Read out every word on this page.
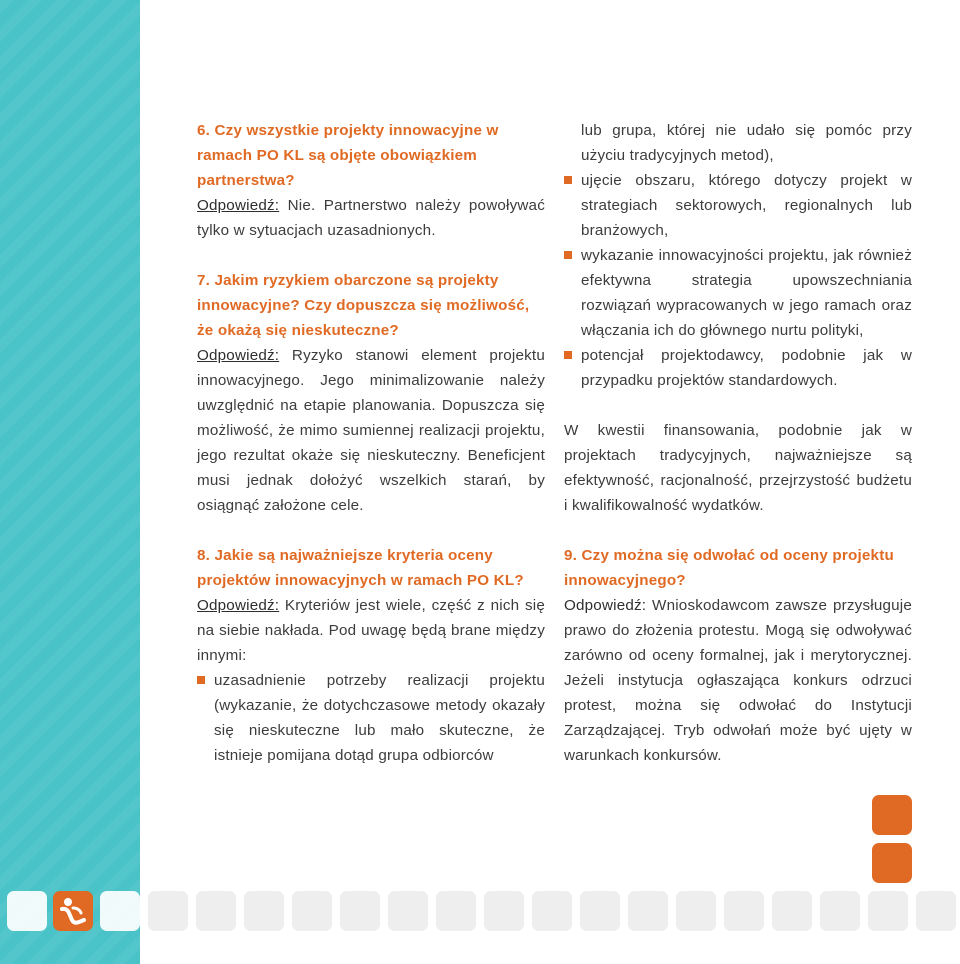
6. Czy wszystkie projekty innowacyjne w ramach PO KL są objęte obowiązkiem partnerstwa?

Odpowiedź: Nie. Partnerstwo należy powoływać tylko w sytuacjach uzasadnionych.

7. Jakim ryzykiem obarczone są projekty innowacyjne? Czy dopuszcza się możliwość, że okażą się nieskuteczne?

Odpowiedź: Ryzyko stanowi element projektu innowacyjnego. Jego minimalizowanie należy uwzględnić na etapie planowania. Dopuszcza się możliwość, że mimo sumiennej realizacji projektu, jego rezultat okaże się nieskuteczny. Beneficjent musi jednak dołożyć wszelkich starań, by osiągnąć założone cele.

8. Jakie są najważniejsze kryteria oceny projektów innowacyjnych w ramach PO KL?

Odpowiedź: Kryteriów jest wiele, część z nich się na siebie nakłada. Pod uwagę będą brane między innymi:

uzasadnienie potrzeby realizacji projektu (wykazanie, że dotychczasowe metody okazały się nieskuteczne lub mało skuteczne, że istnieje pomijana dotąd grupa odbiorców

lub grupa, której nie udało się pomóc przy użyciu tradycyjnych metod),

ujęcie obszaru, którego dotyczy projekt w strategiach sektorowych, regionalnych lub branżowych,
wykazanie innowacyjności projektu, jak również efektywna strategia upowszechniania rozwiązań wypracowanych w jego ramach oraz włączania ich do głównego nurtu polityki,
potencjał projektodawcy, podobnie jak w przypadku projektów standardowych.

W kwestii finansowania, podobnie jak w projektach tradycyjnych, najważniejsze są efektywność, racjonalność, przejrzystość budżetu i kwalifikowalność wydatków.

9. Czy można się odwołać od oceny projektu innowacyjnego?

Odpowiedź: Wnioskodawcom zawsze przysługuje prawo do złożenia protestu. Mogą się odwoływać zarówno od oceny formalnej, jak i merytorycznej. Jeżeli instytucja ogłaszająca konkurs odrzuci protest, można się odwołać do Instytucji Zarządzającej. Tryb odwołań może być ujęty w warunkach konkursów.
